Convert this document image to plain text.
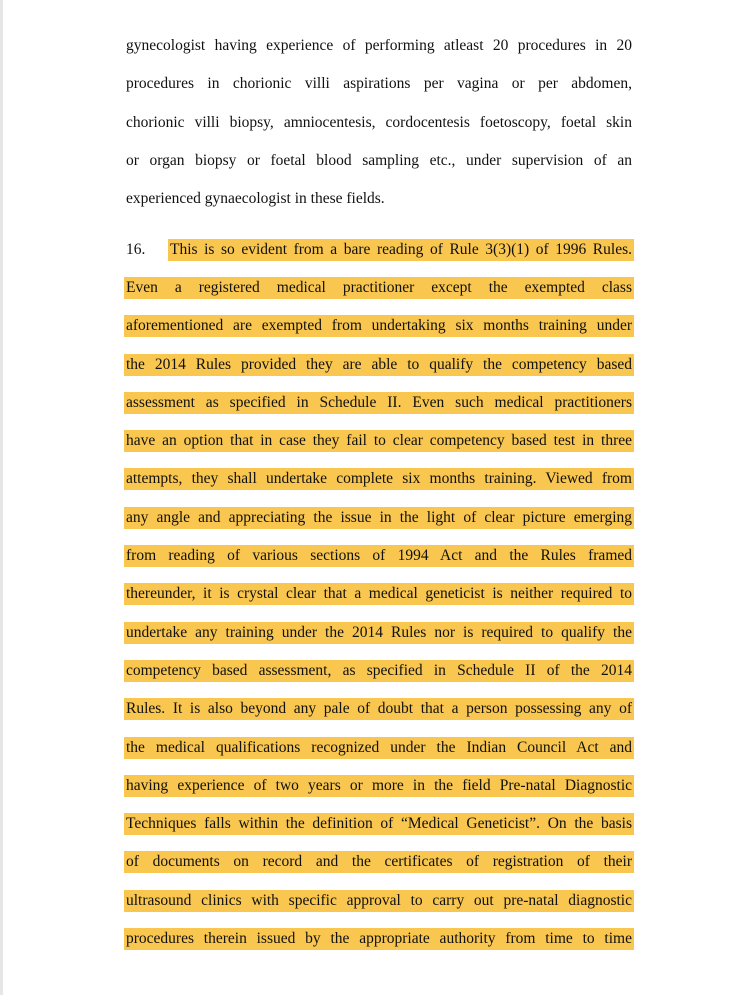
gynecologist having experience of performing atleast 20 procedures in 20
procedures in chorionic villi aspirations per vagina or per abdomen,
chorionic villi biopsy, amniocentesis, cordocentesis foetoscopy, foetal skin
or organ biopsy or foetal blood sampling etc., under supervision of an
experienced gynaecologist in these fields.
16. This is so evident from a bare reading of Rule 3(3)(1) of 1996 Rules.
Even a registered medical practitioner except the exempted class
aforementioned are exempted from undertaking six months training under
the 2014 Rules provided they are able to qualify the competency based
assessment as specified in Schedule II. Even such medical practitioners
have an option that in case they fail to clear competency based test in three
attempts, they shall undertake complete six months training. Viewed from
any angle and appreciating the issue in the light of clear picture emerging
from reading of various sections of 1994 Act and the Rules framed
thereunder, it is crystal clear that a medical geneticist is neither required to
undertake any training under the 2014 Rules nor is required to qualify the
competency based assessment, as specified in Schedule II of the 2014
Rules. It is also beyond any pale of doubt that a person possessing any of
the medical qualifications recognized under the Indian Council Act and
having experience of two years or more in the field Pre-natal Diagnostic
Techniques falls within the definition of “Medical Geneticist”. On the basis
of documents on record and the certificates of registration of their
ultrasound clinics with specific approval to carry out pre-natal diagnostic
procedures therein issued by the appropriate authority from time to time
